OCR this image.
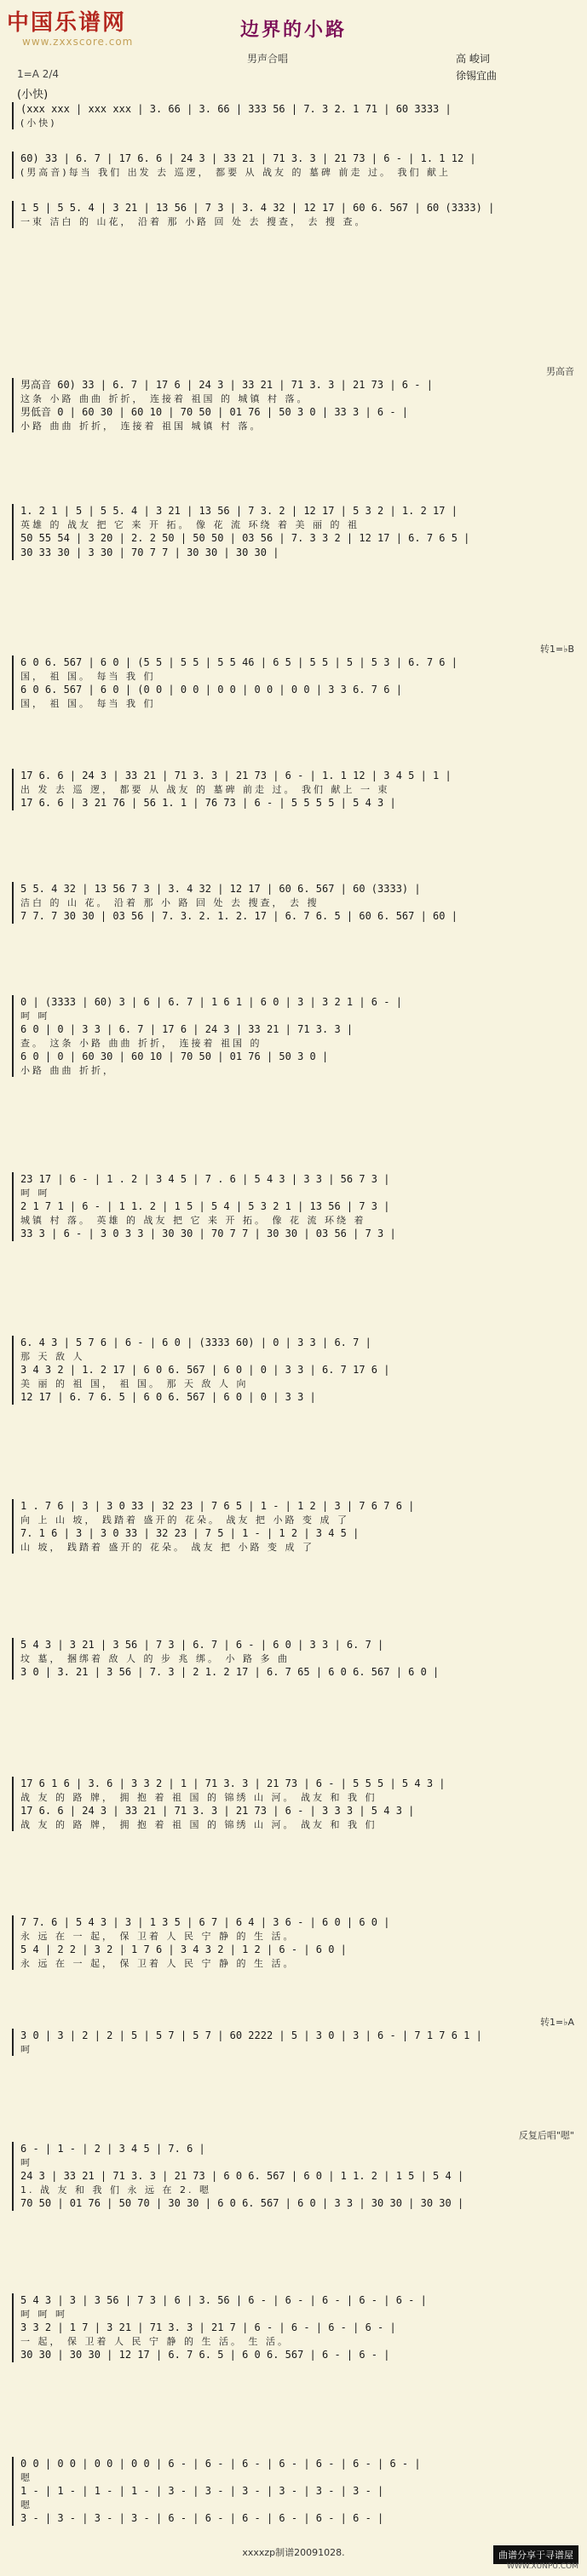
中国乐谱网
www.zxxscore.com
边界的小路
男声合唱	高 峻词
徐锡宜曲
1=A 2/4
(小快)
(xxx xxx | xxx xxx | 3. 66 | 3. 66 | 333 56 | 7. 3 2. 1 71 | 60 3333 |
(小快)
60) 33 | 6. 7 | 17 6. 6 | 24 3 | 33 21 | 71 3. 3 | 21 73 | 6 - | 1. 1 12 |
(男高音)每当 我们 出发 去 巡逻， 都要 从 战友 的 墓碑 前走 过。 我们 献上
1 5 | 5 5. 4 | 3 21 | 13 56 | 7 3 | 3. 4 32 | 12 17 | 60 6. 567 | 60 (3333) |
一束 洁白 的 山花， 沿着 那 小路 回 处 去 搜查， 去 搜 查。
男高音
男高音 60) 33 | 6. 7 | 17 6 | 24 3 | 33 21 | 71 3. 3 | 21 73 | 6 - |
这条 小路 曲曲 折折， 连接着 祖国 的 城镇 村 落。
男低音 0 | 60 30 | 60 10 | 70 50 | 01 76 | 50 3 0 | 33 3 | 6 - |
小路 曲曲 折折， 连接着 祖国 城镇 村 落。
1. 2 1 | 5 | 5 5. 4 | 3 21 | 13 56 | 7 3. 2 | 12 17 | 5 3 2 | 1. 2 17 |
英雄 的 战友 把 它 来 开 拓。 像 花 流 环绕 着 美 丽 的 祖
50 55 54 | 3 20 | 2. 2 50 | 50 50 | 03 56 | 7. 3 3 2 | 12 17 | 6. 7 6 5 |
30 33 30 | 3 30 | 70 7 7 | 30 30 | 30 30 |
转1=♭B
6 0 6. 567 | 6 0 | (5 5 | 5 5 | 5 5 46 | 6 5 | 5 5 | 5 | 5 3 | 6. 7 6 |
国， 祖 国。 每当 我 们
6 0 6. 567 | 6 0 | (0 0 | 0 0 | 0 0 | 0 0 | 0 0 | 3 3 6. 7 6 |
国， 祖 国。 每当 我 们
17 6. 6 | 24 3 | 33 21 | 71 3. 3 | 21 73 | 6 - | 1. 1 12 | 3 4 5 | 1 |
出 发 去 巡 逻， 都要 从 战友 的 墓碑 前走 过。 我们 献上 一 束
17 6. 6 | 3 21 76 | 56 1. 1 | 76 73 | 6 - | 5 5 5 5 | 5 4 3 |
5 5. 4 32 | 13 56 7 3 | 3. 4 32 | 12 17 | 60 6. 567 | 60 (3333) |
洁白 的 山 花。 沿着 那 小 路 回 处 去 搜查， 去 搜
7 7. 7 30 30 | 03 56 | 7. 3. 2. 1. 2. 17 | 6. 7 6. 5 | 60 6. 567 | 60 |
0 | (3333 | 60) 3 | 6 | 6. 7 | 1 6 1 | 6 0 | 3 | 3 2 1 | 6 - |
呵 呵
6 0 | 0 | 3 3 | 6. 7 | 17 6 | 24 3 | 33 21 | 71 3. 3 |
查。 这条 小路 曲曲 折折， 连接着 祖国 的
6 0 | 0 | 60 30 | 60 10 | 70 50 | 01 76 | 50 3 0 |
小路 曲曲 折折，
23 17 | 6 - | 1 . 2 | 3 4 5 | 7 . 6 | 5 4 3 | 3 3 | 56 7 3 |
呵 呵
2 1 7 1 | 6 - | 1 1. 2 | 1 5 | 5 4 | 5 3 2 1 | 13 56 | 7 3 |
城镇 村 落。 英雄 的 战友 把 它 来 开 拓。 像 花 流 环绕 着
33 3 | 6 - | 3 0 3 3 | 30 30 | 70 7 7 | 30 30 | 03 56 | 7 3 |
6. 4 3 | 5 7 6 | 6 - | 6 0 | (3333 60) | 0 | 3 3 | 6. 7 |
那 天 敌 人
3 4 3 2 | 1. 2 17 | 6 0 6. 567 | 6 0 | 0 | 3 3 | 6. 7 17 6 |
美 丽 的 祖 国， 祖 国。 那 天 敌 人 向
12 17 | 6. 7 6. 5 | 6 0 6. 567 | 6 0 | 0 | 3 3 |
1 . 7 6 | 3 | 3 0 33 | 32 23 | 7 6 5 | 1 - | 1 2 | 3 | 7 6 7 6 |
向 上 山 坡， 践踏着 盛开的 花朵。 战友 把 小路 变 成 了
7. 1 6 | 3 | 3 0 33 | 32 23 | 7 5 | 1 - | 1 2 | 3 4 5 |
山 坡， 践踏着 盛开的 花朵。 战友 把 小路 变 成 了
5 4 3 | 3 21 | 3 56 | 7 3 | 6. 7 | 6 - | 6 0 | 3 3 | 6. 7 |
坟 墓， 捆绑着 敌 人 的 步 兆 绑。 小 路 多 曲
3 0 | 3. 21 | 3 56 | 7. 3 | 2 1. 2 17 | 6. 7 65 | 6 0 6. 567 | 6 0 |
17 6 1 6 | 3. 6 | 3 3 2 | 1 | 71 3. 3 | 21 73 | 6 - | 5 5 5 | 5 4 3 |
战 友 的 路 牌， 拥 抱 着 祖 国 的 锦绣 山 河。 战友 和 我 们
17 6. 6 | 24 3 | 33 21 | 71 3. 3 | 21 73 | 6 - | 3 3 3 | 5 4 3 |
战 友 的 路 牌， 拥 抱 着 祖 国 的 锦绣 山 河。 战友 和 我 们
7 7. 6 | 5 4 3 | 3 | 1 3 5 | 6 7 | 6 4 | 3 6 - | 6 0 | 6 0 |
永 远 在 一 起， 保 卫着 人 民 宁 静 的 生 活。
5 4 | 2 2 | 3 2 | 1 7 6 | 3 4 3 2 | 1 2 | 6 - | 6 0 |
永 远 在 一 起， 保 卫着 人 民 宁 静 的 生 活。
转1=♭A
3 0 | 3 | 2 | 2 | 5 | 5 7 | 5 7 | 60 2222 | 5 | 3 0 | 3 | 6 - | 7 1 7 6 1 |
呵
反复后唱"嗯"
6 - | 1 - | 2 | 3 4 5 | 7. 6 |
呵
24 3 | 33 21 | 71 3. 3 | 21 73 | 6 0 6. 567 | 6 0 | 1 1. 2 | 1 5 | 5 4 |
1. 战 友 和 我 们 永 远 在 2. 嗯
70 50 | 01 76 | 50 70 | 30 30 | 6 0 6. 567 | 6 0 | 3 3 | 30 30 | 30 30 |
5 4 3 | 3 | 3 56 | 7 3 | 6 | 3. 56 | 6 - | 6 - | 6 - | 6 - | 6 - |
呵 呵 呵
3 3 2 | 1 7 | 3 21 | 71 3. 3 | 21 7 | 6 - | 6 - | 6 - | 6 - |
一 起， 保 卫着 人 民 宁 静 的 生 活。 生 活。
30 30 | 30 30 | 12 17 | 6. 7 6. 5 | 6 0 6. 567 | 6 - | 6 - |
0 0 | 0 0 | 0 0 | 0 0 | 6 - | 6 - | 6 - | 6 - | 6 - | 6 - | 6 - |
嗯
1 - | 1 - | 1 - | 1 - | 3 - | 3 - | 3 - | 3 - | 3 - | 3 - |
嗯
3 - | 3 - | 3 - | 3 - | 6 - | 6 - | 6 - | 6 - | 6 - | 6 - |
xxxxzp制谱20091028.	曲谱分享于寻谱屋
WWW.XUNPU.COM
